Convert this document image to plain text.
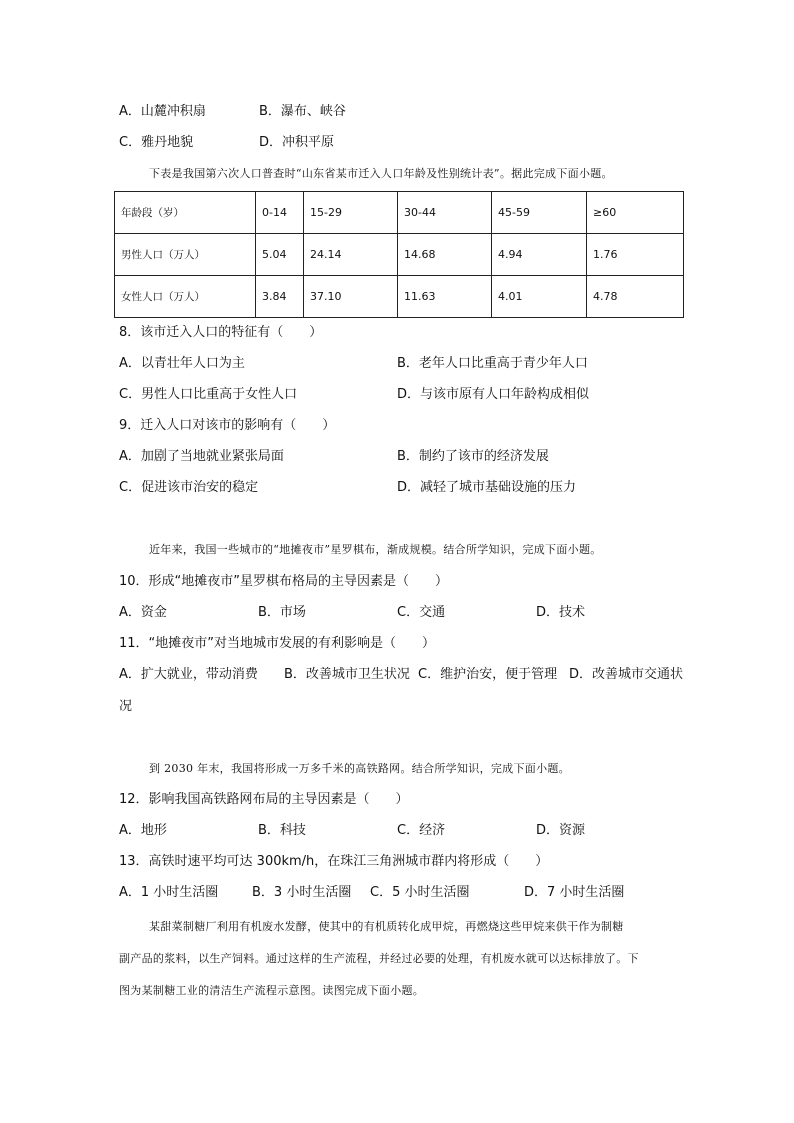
A．山麓冲积扇	B．瀑布、峡谷
C．雅丹地貌	D．冲积平原
下表是我国第六次人口普查时“山东省某市迁入人口年龄及性别统计表”。据此完成下面小题。
年龄段（岁）	0-14	15-29	30-44	45-59	≥60
男性人口（万人）	5.04	24.14	14.68	4.94	1.76
女性人口（万人）	3.84	37.10	11.63	4.01	4.78
8．该市迁入人口的特征有（　　）
A．以青壮年人口为主	B．老年人口比重高于青少年人口
C．男性人口比重高于女性人口	D．与该市原有人口年龄构成相似
9．迁入人口对该市的影响有（　　）
A．加剧了当地就业紧张局面	B．制约了该市的经济发展
C．促进该市治安的稳定	D．减轻了城市基础设施的压力
近年来，我国一些城市的“地摊夜市”星罗棋布，渐成规模。结合所学知识，完成下面小题。
10．形成“地摊夜市”星罗棋布格局的主导因素是（　　）
A．资金	B．市场	C．交通	D．技术
11．“地摊夜市”对当地城市发展的有利影响是（　　）
A．扩大就业，带动消费 B．改善城市卫生状况 C．维护治安，便于管理 D．改善城市交通状
况
到 2030 年末，我国将形成一万多千米的高铁路网。结合所学知识，完成下面小题。
12．影响我国高铁路网布局的主导因素是（　　）
A．地形	B．科技	C．经济	D．资源
13．高铁时速平均可达 300km/h，在珠江三角洲城市群内将形成（　　）
A．1 小时生活圈	B．3 小时生活圈 C．5 小时生活圈	D．7 小时生活圈
某甜菜制糖厂利用有机废水发酵，使其中的有机质转化成甲烷，再燃烧这些甲烷来供干作为制糖
副产品的浆料，以生产饲料。通过这样的生产流程，并经过必要的处理，有机废水就可以达标排放了。下
图为某制糖工业的清洁生产流程示意图。读图完成下面小题。
